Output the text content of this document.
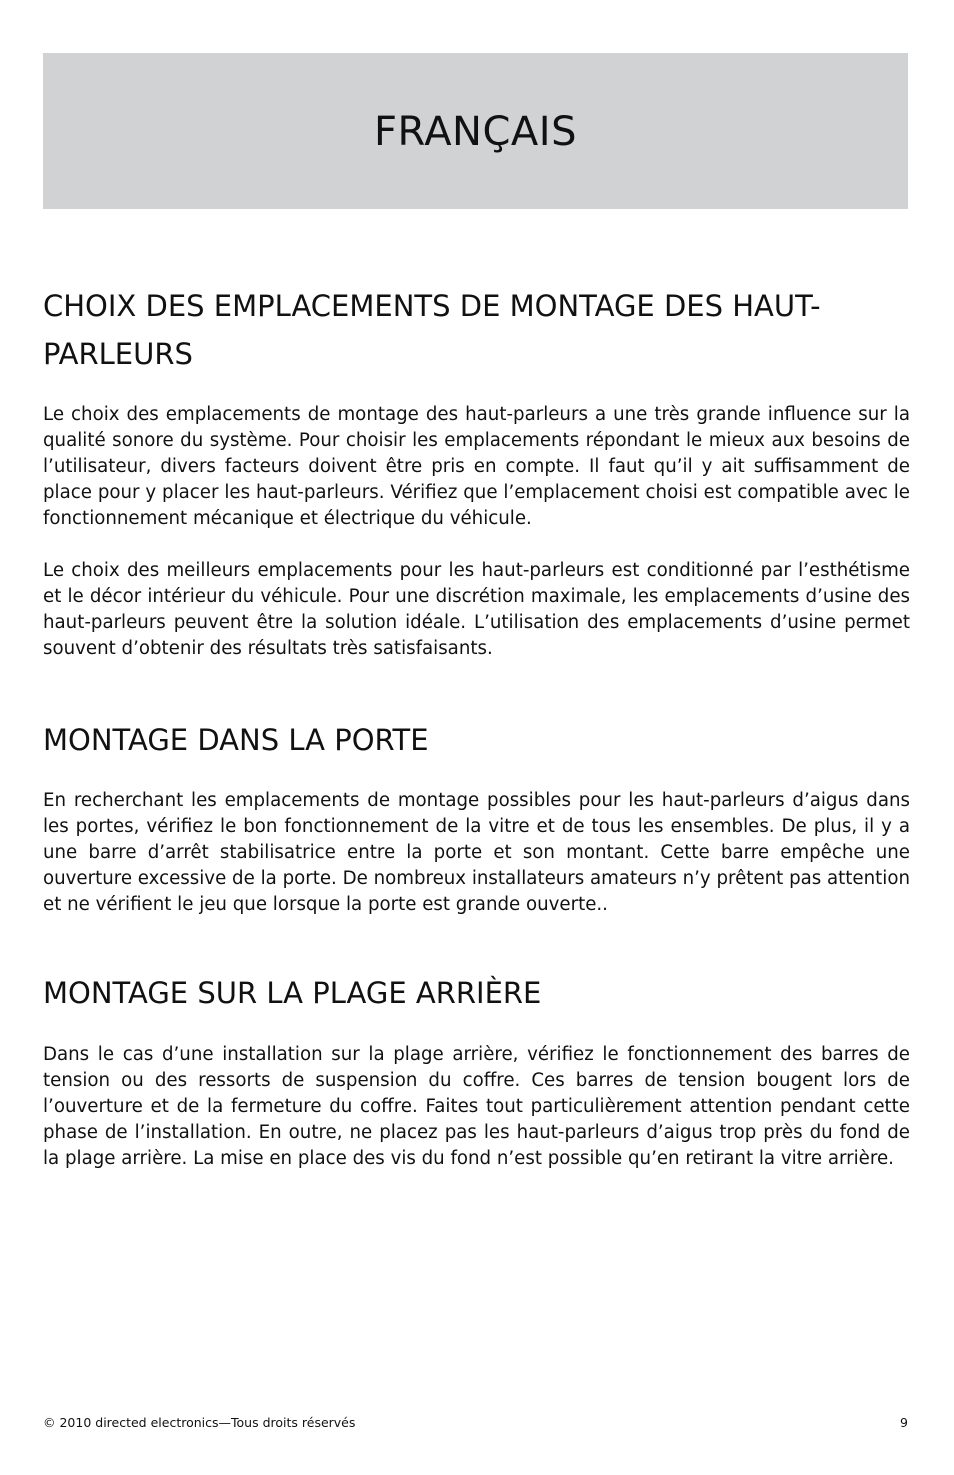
FRANÇAIS
CHOIX DES EMPLACEMENTS DE MONTAGE DES HAUT-PARLEURS

Le choix des emplacements de montage des haut-parleurs a une très grande influence sur la qualité sonore du système. Pour choisir les emplacements répondant le mieux aux besoins de l’utilisateur, divers facteurs doivent être pris en compte. Il faut qu’il y ait suffisamment de place pour y placer les haut-parleurs. Vérifiez que l’emplacement choisi est compatible avec le fonctionnement mécanique et électrique du véhicule.

Le choix des meilleurs emplacements pour les haut-parleurs est conditionné par l’esthétisme et le décor intérieur du véhicule. Pour une discrétion maximale, les emplacements d’usine des haut-parleurs peuvent être la solution idéale. L’utilisation des emplacements d’usine permet souvent d’obtenir des résultats très satisfaisants.

MONTAGE DANS LA PORTE

En recherchant les emplacements de montage possibles pour les haut-parleurs d’aigus dans les portes, vérifiez le bon fonctionnement de la vitre et de tous les ensembles. De plus, il y a une barre d’arrêt stabilisatrice entre la porte et son montant. Cette barre empêche une ouverture excessive de la porte. De nombreux installateurs amateurs n’y prêtent pas attention et ne vérifient le jeu que lorsque la porte est grande ouverte..

MONTAGE SUR LA PLAGE ARRIÈRE

Dans le cas d’une installation sur la plage arrière, vérifiez le fonctionnement des barres de tension ou des ressorts de suspension du coffre. Ces barres de tension bougent lors de l’ouverture et de la fermeture du coffre. Faites tout particulièrement attention pendant cette phase de l’installation. En outre, ne placez pas les haut-parleurs d’aigus trop près du fond de la plage arrière. La mise en place des vis du fond n’est possible qu’en retirant la vitre arrière.

© 2010 directed electronics—Tous droits réservés	9
